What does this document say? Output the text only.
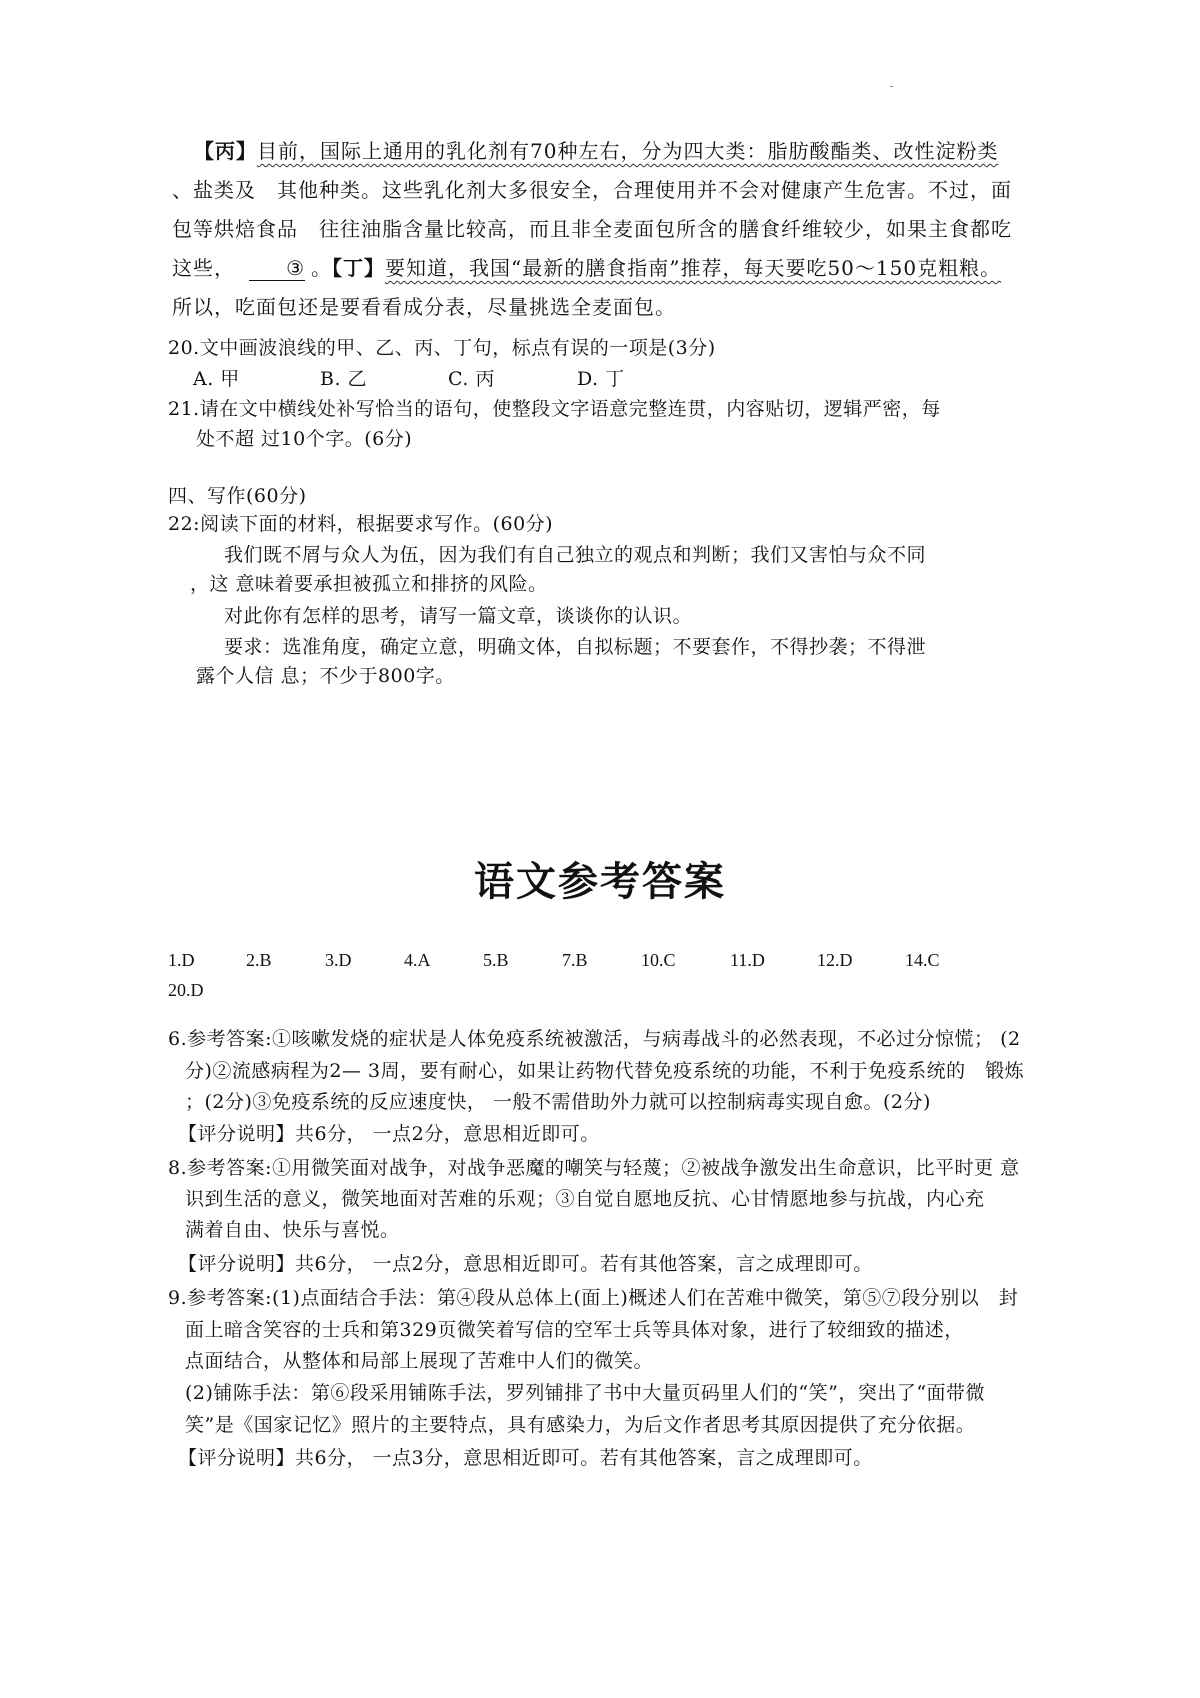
【丙】目前，国际上通用的乳化剂有70种左右，分为四大类：脂肪酸酯类、改性淀粉类
、盐类及　其他种类。这些乳化剂大多很安全，合理使用并不会对健康产生危害。不过，面
包等烘焙食品　往往油脂含量比较高，而且非全麦面包所含的膳食纤维较少，如果主食都吃
这些，	③ 。【丁】要知道，我国“最新的膳食指南”推荐，每天要吃50～150克粗粮。
所以，吃面包还是要看看成分表，尽量挑选全麦面包。
20.文中画波浪线的甲、乙、丙、丁句，标点有误的一项是(3分)
A. 甲	B. 乙	C. 丙	D. 丁
21.请在文中横线处补写恰当的语句，使整段文字语意完整连贯，内容贴切，逻辑严密，每
处不超 过10个字。(6分)
四、写作(60分)
22:阅读下面的材料，根据要求写作。(60分)
我们既不屑与众人为伍，因为我们有自己独立的观点和判断；我们又害怕与众不同
，这 意味着要承担被孤立和排挤的风险。
对此你有怎样的思考，请写一篇文章，谈谈你的认识。
要求：选准角度，确定立意，明确文体，自拟标题；不要套作，不得抄袭；不得泄
露个人信 息；不少于800字。
语文参考答案
1.D	2.B	3.D	4.A	5.B	7.B	10.C	11.D	12.D	14.C
20.D
6.参考答案:①咳嗽发烧的症状是人体免疫系统被激活，与病毒战斗的必然表现，不必过分惊慌； (2
分)②流感病程为2— 3周，要有耐心，如果让药物代替免疫系统的功能，不利于免疫系统的　锻炼
；(2分)③免疫系统的反应速度快， 一般不需借助外力就可以控制病毒实现自愈。(2分)
【评分说明】共6分， 一点2分，意思相近即可。
8.参考答案:①用微笑面对战争，对战争恶魔的嘲笑与轻蔑；②被战争激发出生命意识，比平时更 意
识到生活的意义，微笑地面对苦难的乐观；③自觉自愿地反抗、心甘情愿地参与抗战，内心充
满着自由、快乐与喜悦。
【评分说明】共6分， 一点2分，意思相近即可。若有其他答案，言之成理即可。
9.参考答案:(1)点面结合手法：第④段从总体上(面上)概述人们在苦难中微笑，第⑤⑦段分别以　封
面上暗含笑容的士兵和第329页微笑着写信的空军士兵等具体对象，进行了较细致的描述，
点面结合，从整体和局部上展现了苦难中人们的微笑。
(2)铺陈手法：第⑥段采用铺陈手法，罗列铺排了书中大量页码里人们的“笑”，突出了“面带微
笑”是《国家记忆》照片的主要特点，具有感染力，为后文作者思考其原因提供了充分依据。
【评分说明】共6分， 一点3分，意思相近即可。若有其他答案，言之成理即可。
